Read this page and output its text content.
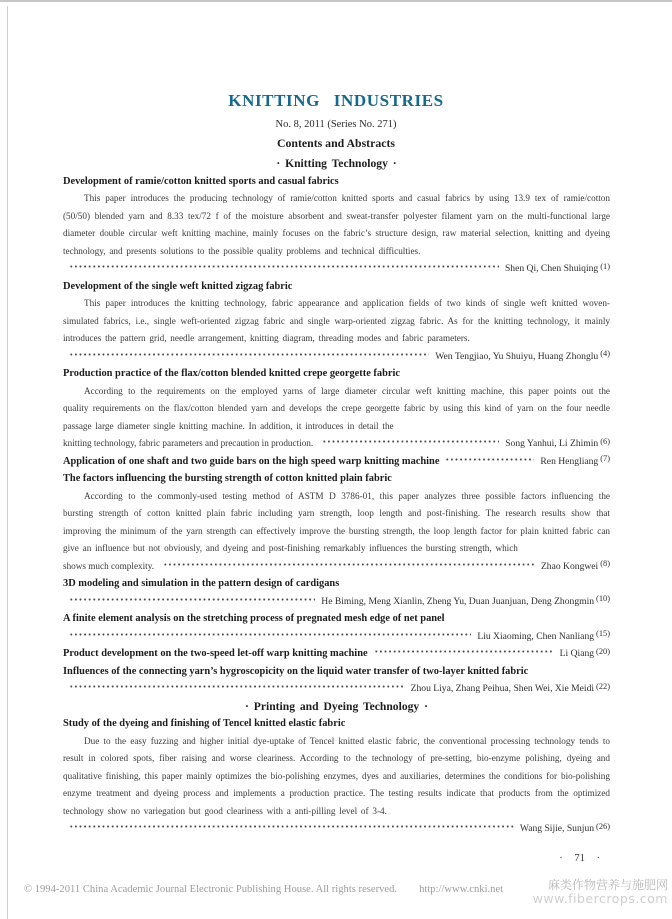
KNITTING INDUSTRIES
No. 8, 2011 (Series No. 271)
Contents and Abstracts
· Knitting Technology ·
Development of ramie/cotton knitted sports and casual fabrics
This paper introduces the producing technology of ramie/cotton knitted sports and casual fabrics by using 13.9 tex of ramie/cotton (50/50) blended yarn and 8.33 tex/72 f of the moisture absorbent and sweat-transfer polyester filament yarn on the multi-functional large diameter double circular weft knitting machine, mainly focuses on the fabric’s structure design, raw material selection, knitting and dyeing technology, and presents solutions to the possible quality problems and technical difficulties.
Shen Qi, Chen Shuiqing (1)
Development of the single weft knitted zigzag fabric
This paper introduces the knitting technology, fabric appearance and application fields of two kinds of single weft knitted woven-simulated fabrics, i.e., single weft-oriented zigzag fabric and single warp-oriented zigzag fabric. As for the knitting technology, it mainly introduces the pattern grid, needle arrangement, knitting diagram, threading modes and fabric parameters.
Wen Tengjiao, Yu Shuiyu, Huang Zhonglu (4)
Production practice of the flax/cotton blended knitted crepe georgette fabric
According to the requirements on the employed yarns of large diameter circular weft knitting machine, this paper points out the quality requirements on the flax/cotton blended yarn and develops the crepe georgette fabric by using this kind of yarn on the four needle passage large diameter single knitting machine. In addition, it introduces in detail the
knitting technology, fabric parameters and precaution in production.	Song Yanhui, Li Zhimin (6)
Application of one shaft and two guide bars on the high speed warp knitting machine	Ren Hengliang (7)
The factors influencing the bursting strength of cotton knitted plain fabric
According to the commonly-used testing method of ASTM D 3786-01, this paper analyzes three possible factors influencing the bursting strength of cotton knitted plain fabric including yarn strength, loop length and post-finishing. The research results show that improving the minimum of the yarn strength can effectively improve the bursting strength, the loop length factor for plain knitted fabric can give an influence but not obviously, and dyeing and post-finishing remarkably influences the bursting strength, which
shows much complexity.	Zhao Kongwei (8)
3D modeling and simulation in the pattern design of cardigans
He Biming, Meng Xianlin, Zheng Yu, Duan Juanjuan, Deng Zhongmin (10)
A finite element analysis on the stretching process of pregnated mesh edge of net panel
Liu Xiaoming, Chen Nanliang (15)
Product development on the two-speed let-off warp knitting machine	Li Qiang (20)
Influences of the connecting yarn’s hygroscopicity on the liquid water transfer of two-layer knitted fabric
Zhou Liya, Zhang Peihua, Shen Wei, Xie Meidi (22)
· Printing and Dyeing Technology ·
Study of the dyeing and finishing of Tencel knitted elastic fabric
Due to the easy fuzzing and higher initial dye-uptake of Tencel knitted elastic fabric, the conventional processing technology tends to result in colored spots, fiber raising and worse cleariness. According to the technology of pre-setting, bio-enzyme polishing, dyeing and qualitative finishing, this paper mainly optimizes the bio-polishing enzymes, dyes and auxiliaries, determines the conditions for bio-polishing enzyme treatment and dyeing process and implements a production practice. The testing results indicate that products from the optimized technology show no variegation but good cleariness with a anti-pilling level of 3-4.
Wang Sijie, Sunjun (26)
· 71 ·
© 1994-2011 China Academic Journal Electronic Publishing House. All rights reserved. http://www.cnki.net	麻类作物营养与施肥网
www.fibercrops.com
